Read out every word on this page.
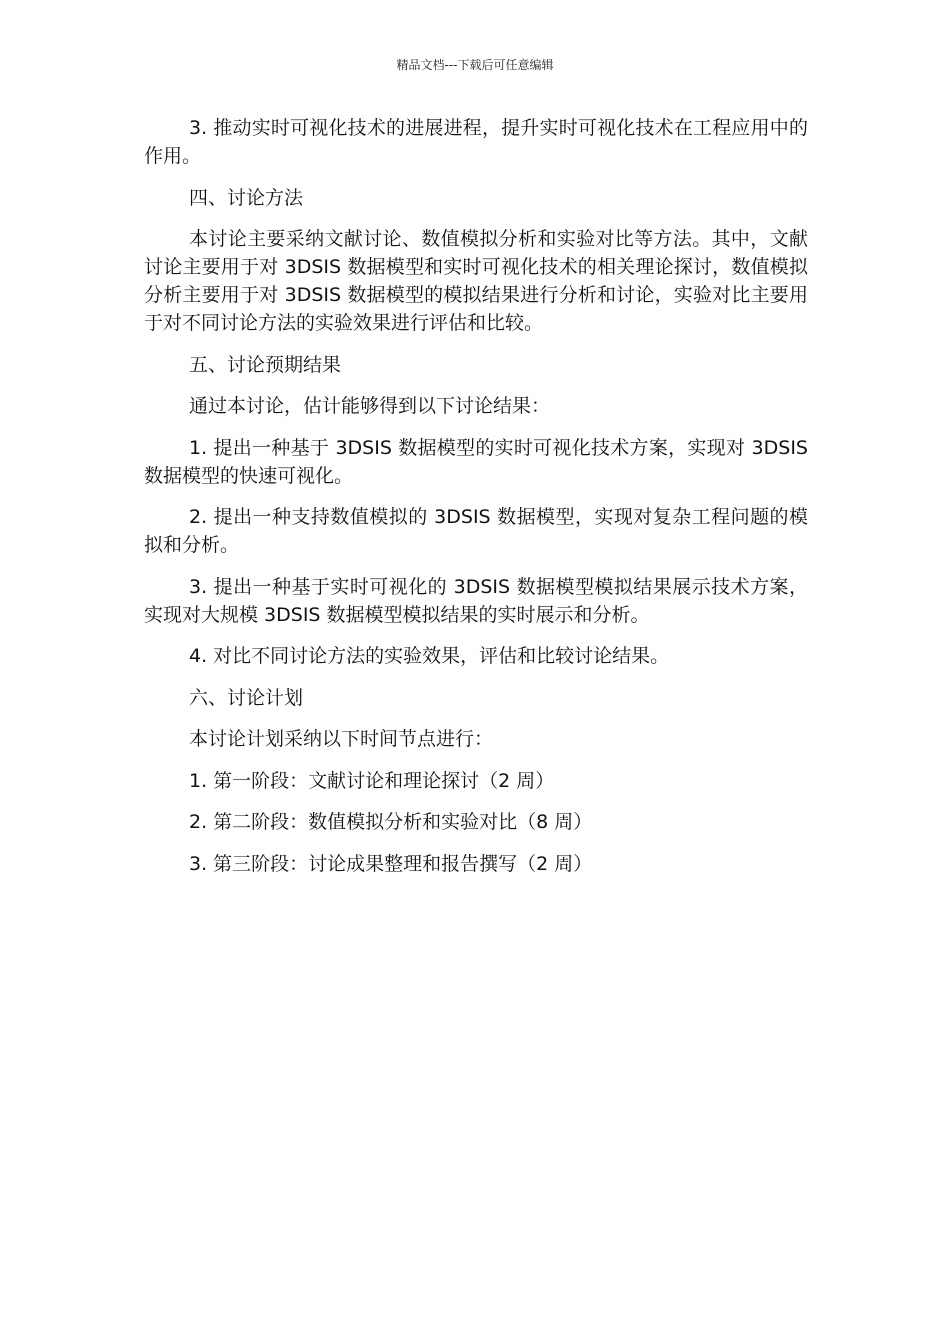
精品文档---下载后可任意编辑

3. 推动实时可视化技术的进展进程，提升实时可视化技术在工程应用中的作用。

四、讨论方法

本讨论主要采纳文献讨论、数值模拟分析和实验对比等方法。其中，文献讨论主要用于对 3DSIS 数据模型和实时可视化技术的相关理论探讨，数值模拟分析主要用于对 3DSIS 数据模型的模拟结果进行分析和讨论，实验对比主要用于对不同讨论方法的实验效果进行评估和比较。

五、讨论预期结果

通过本讨论，估计能够得到以下讨论结果：

1. 提出一种基于 3DSIS 数据模型的实时可视化技术方案，实现对 3DSIS 数据模型的快速可视化。

2. 提出一种支持数值模拟的 3DSIS 数据模型，实现对复杂工程问题的模拟和分析。

3. 提出一种基于实时可视化的 3DSIS 数据模型模拟结果展示技术方案，实现对大规模 3DSIS 数据模型模拟结果的实时展示和分析。

4. 对比不同讨论方法的实验效果，评估和比较讨论结果。

六、讨论计划

本讨论计划采纳以下时间节点进行：

1. 第一阶段：文献讨论和理论探讨（2 周）

2. 第二阶段：数值模拟分析和实验对比（8 周）

3. 第三阶段：讨论成果整理和报告撰写（2 周）
